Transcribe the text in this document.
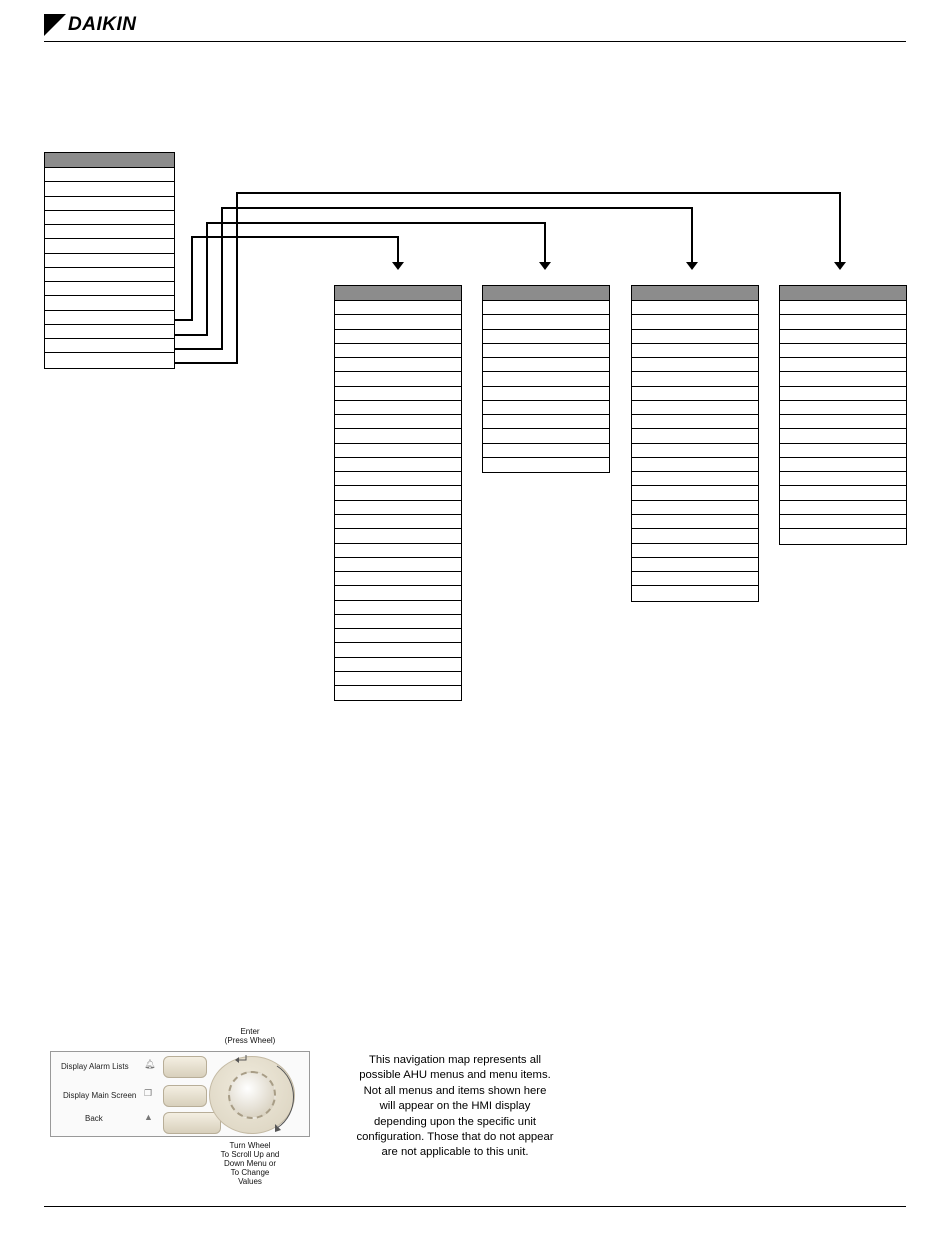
DAIKIN
Enter
(Press Wheel)
Display Alarm Lists
Display Main Screen
Back
🔔︎
❐
▲
Turn Wheel
To Scroll Up and
Down Menu or
To Change
Values
This navigation map represents all possible AHU menus and menu items. Not all menus and items shown here will appear on the HMI display depending upon the specific unit configuration. Those that do not appear are not applicable to this unit.
